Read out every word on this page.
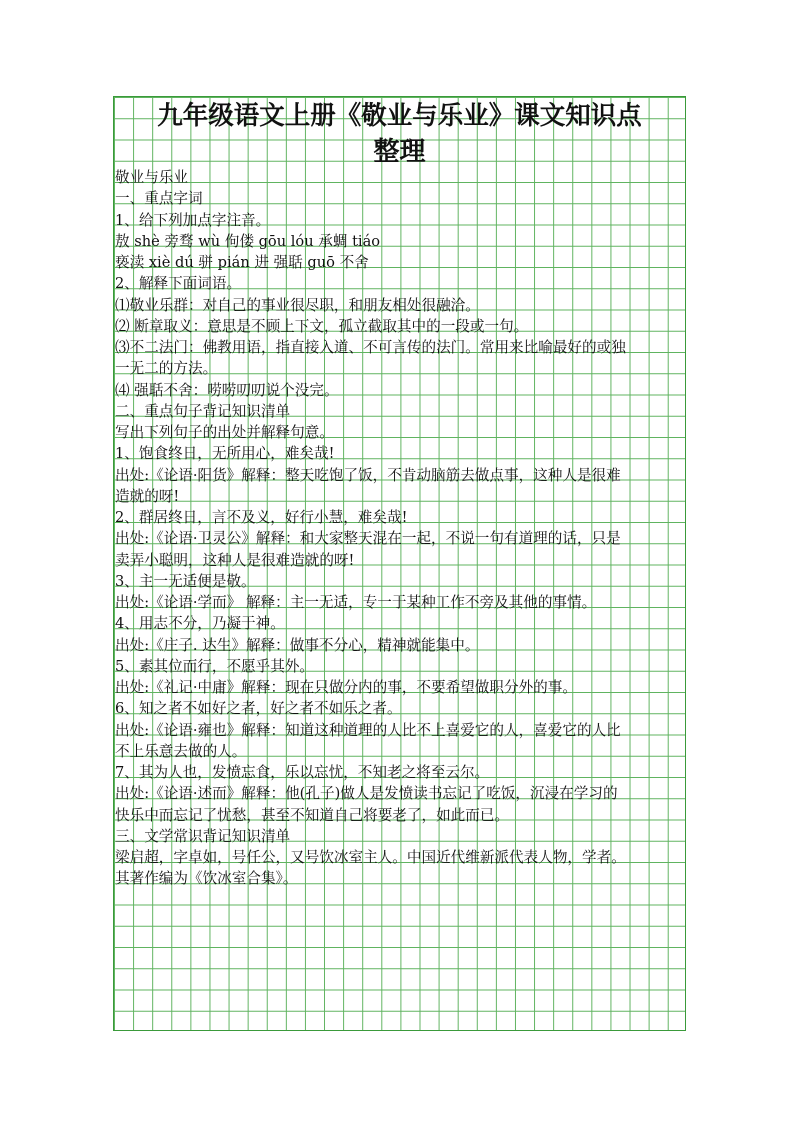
九年级语文上册《敬业与乐业》课文知识点
整理
敬业与乐业
一、重点字词
1、给下列加点字注音。
敖 shè 旁骛 wù 佝偻 gōu lóu 承蜩 tiáo
亵渎 xiè dú 骈 pián 进 强聒 guō 不舍
2、解释下面词语。
⑴敬业乐群：对自己的事业很尽职，和朋友相处很融洽。
⑵ 断章取义：意思是不顾上下文，孤立截取其中的一段或一句。
⑶不二法门：佛教用语，指直接入道、不可言传的法门。常用来比喻最好的或独
一无二的方法。
⑷ 强聒不舍：唠唠叨叨说个没完。
二、重点句子背记知识清单
写出下列句子的出处并解释句意。
1、饱食终日，无所用心，难矣哉!
出处:《论语·阳货》解释：整天吃饱了饭，不肯动脑筋去做点事，这种人是很难
造就的呀!
2、群居终日，言不及义，好行小慧，难矣哉!
出处:《论语·卫灵公》解释：和大家整天混在一起，不说一句有道理的话，只是
卖弄小聪明，这种人是很难造就的呀!
3、主一无适便是敬。
出处:《论语·学而》 解释：主一无适，专一于某种工作不旁及其他的事情。
4、用志不分，乃凝于神。
出处:《庄子. 达生》解释：做事不分心，精神就能集中。
5、素其位而行，不愿乎其外。
出处:《礼记·中庸》解释：现在只做分内的事，不要希望做职分外的事。
6、知之者不如好之者，好之者不如乐之者。
出处:《论语·雍也》解释：知道这种道理的人比不上喜爱它的人，喜爱它的人比
不上乐意去做的人。
7、其为人也，发愤忘食，乐以忘忧，不知老之将至云尔。
出处:《论语·述而》解释：他(孔子)做人是发愤读书忘记了吃饭，沉浸在学习的
快乐中而忘记了忧愁，甚至不知道自己将要老了，如此而已。
三、文学常识背记知识清单
梁启超，字卓如，号任公，又号饮冰室主人。中国近代维新派代表人物，学者。
其著作编为《饮冰室合集》。
